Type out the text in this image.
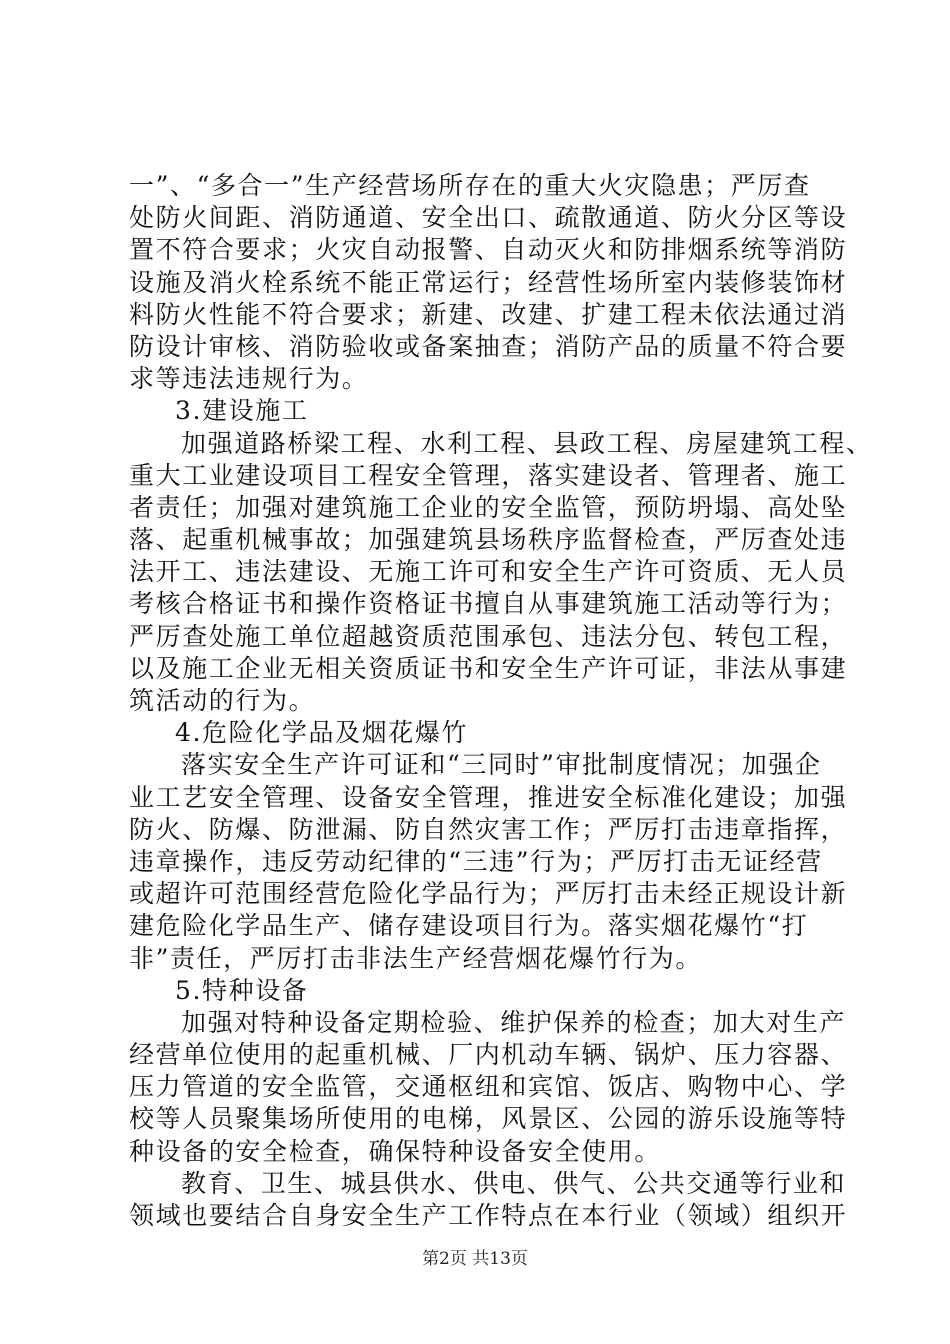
一”、“多合一”生产经营场所存在的重大火灾隐患；严厉查
处防火间距、消防通道、安全出口、疏散通道、防火分区等设
置不符合要求；火灾自动报警、自动灭火和防排烟系统等消防
设施及消火栓系统不能正常运行；经营性场所室内装修装饰材
料防火性能不符合要求；新建、改建、扩建工程未依法通过消
防设计审核、消防验收或备案抽查；消防产品的质量不符合要
求等违法违规行为。
3.建设施工
加强道路桥梁工程、水利工程、县政工程、房屋建筑工程、
重大工业建设项目工程安全管理，落实建设者、管理者、施工
者责任；加强对建筑施工企业的安全监管，预防坍塌、高处坠
落、起重机械事故；加强建筑县场秩序监督检查，严厉查处违
法开工、违法建设、无施工许可和安全生产许可资质、无人员
考核合格证书和操作资格证书擅自从事建筑施工活动等行为；
严厉查处施工单位超越资质范围承包、违法分包、转包工程，
以及施工企业无相关资质证书和安全生产许可证，非法从事建
筑活动的行为。
4.危险化学品及烟花爆竹
落实安全生产许可证和“三同时”审批制度情况；加强企
业工艺安全管理、设备安全管理，推进安全标准化建设；加强
防火、防爆、防泄漏、防自然灾害工作；严厉打击违章指挥，
违章操作，违反劳动纪律的“三违”行为；严厉打击无证经营
或超许可范围经营危险化学品行为；严厉打击未经正规设计新
建危险化学品生产、储存建设项目行为。落实烟花爆竹“打
非”责任，严厉打击非法生产经营烟花爆竹行为。
5.特种设备
加强对特种设备定期检验、维护保养的检查；加大对生产
经营单位使用的起重机械、厂内机动车辆、锅炉、压力容器、
压力管道的安全监管，交通枢纽和宾馆、饭店、购物中心、学
校等人员聚集场所使用的电梯，风景区、公园的游乐设施等特
种设备的安全检查，确保特种设备安全使用。
教育、卫生、城县供水、供电、供气、公共交通等行业和
领域也要结合自身安全生产工作特点在本行业（领域）组织开
第2页 共13页
